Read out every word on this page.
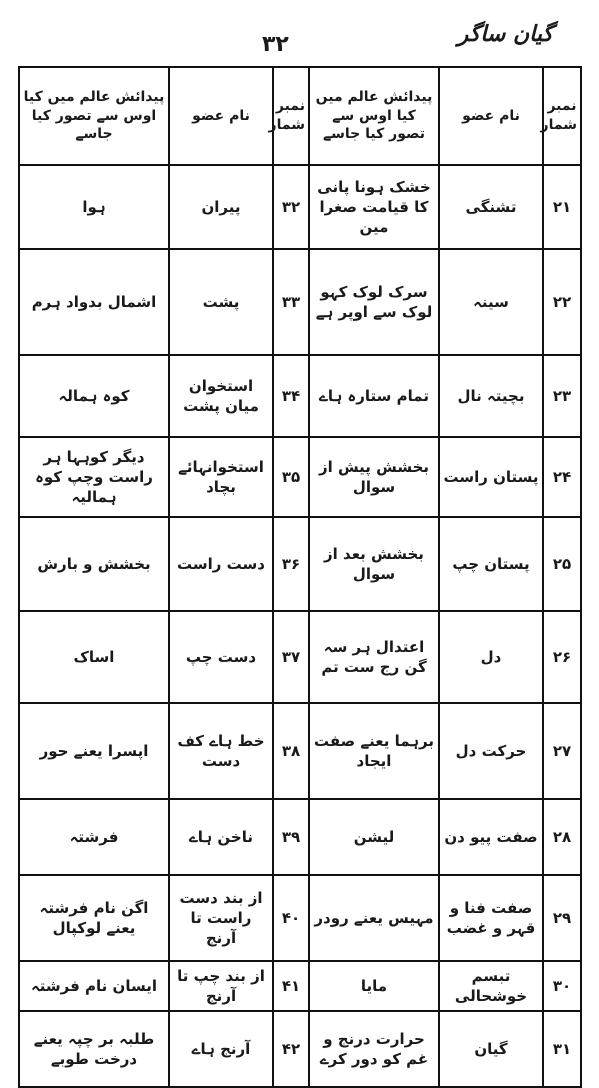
گیان ساگر
۳۲
نمبر شمار	نام عضو	پیدائش عالم میں کیا اوس سے تصور کیا جاسے	نمبر شمار	نام عضو	پیدائش عالم میں کیا اوس سے تصور کیا جاسے
۲۱	تشنگی	خشک ہونا پانی کا قیامت صغرا مین	۳۲	پیران	ہوا
۲۲	سینہ	سرک لوک کہو لوک سے اوپر ہے	۳۳	پشت	اشمال بدواد ہرم
۲۳	بچیتہ نال	تمام ستارہ ہاے	۳۴	استخوان میان پشت	کوہ ہمالہ
۲۴	پستان راست	بخشش پیش از سوال	۳۵	استخوانہائے بچاد	دیگر کوہہا ہر راست وچپ کوہ ہمالیہ
۲۵	پستان چپ	بخشش بعد از سوال	۳۶	دست راست	بخشش و بارش
۲۶	دل	اعتدال ہر سہ گن رج ست تم	۳۷	دست چپ	اساک
۲۷	حرکت دل	برہما یعنے صفت ایجاد	۳۸	خط ہاے کف دست	اپسرا یعنے حور
۲۸	صفت پیو دن	لیشن	۳۹	ناخن ہاے	فرشتہ
۲۹	صفت فنا و قہر و غضب	مہیس یعنے رودر	۴۰	از بند دست راست تا آرنج	اگن نام فرشتہ یعنے لوکپال
۳۰	تبسم خوشحالی	مایا	۴۱	از بند چپ تا آرنج	ایسان نام فرشتہ
۳۱	گیان	حرارت درنج و غم کو دور کرے	۴۲	آرنج ہاے	طلبہ بر چپہ یعنے درخت طوبے
